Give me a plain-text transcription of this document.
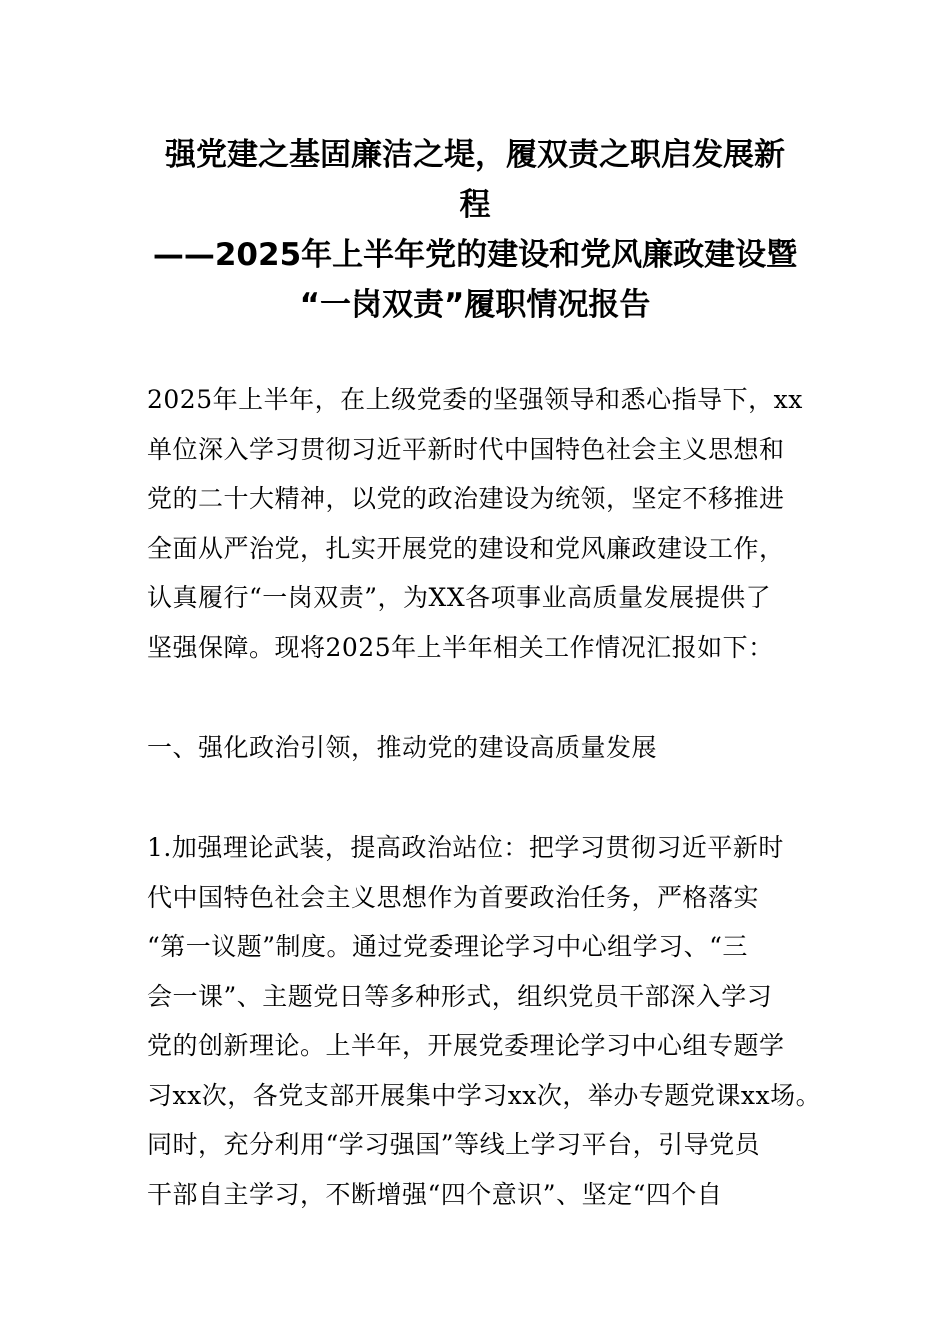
强党建之基固廉洁之堤，履双责之职启发展新
程
——2025年上半年党的建设和党风廉政建设暨
“一岗双责”履职情况报告
2025年上半年，在上级党委的坚强领导和悉心指导下，xx
单位深入学习贯彻习近平新时代中国特色社会主义思想和
党的二十大精神，以党的政治建设为统领，坚定不移推进
全面从严治党，扎实开展党的建设和党风廉政建设工作，
认真履行“一岗双责”，为XX各项事业高质量发展提供了
坚强保障。现将2025年上半年相关工作情况汇报如下：
一、强化政治引领，推动党的建设高质量发展
1.加强理论武装，提高政治站位：把学习贯彻习近平新时
代中国特色社会主义思想作为首要政治任务，严格落实
“第一议题”制度。通过党委理论学习中心组学习、“三
会一课”、主题党日等多种形式，组织党员干部深入学习
党的创新理论。上半年，开展党委理论学习中心组专题学
习xx次，各党支部开展集中学习xx次，举办专题党课xx场。
同时，充分利用“学习强国”等线上学习平台，引导党员
干部自主学习，不断增强“四个意识”、坚定“四个自
